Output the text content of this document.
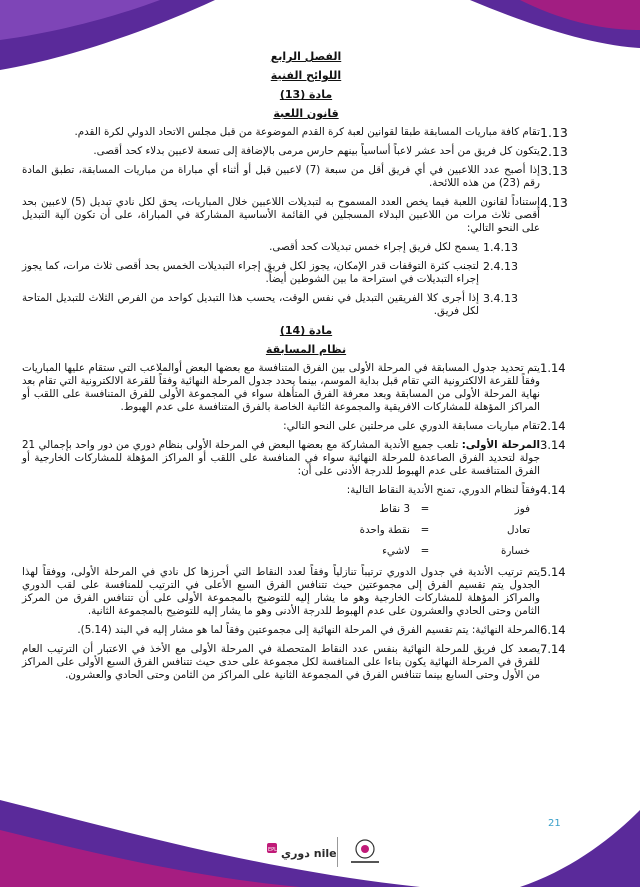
الفصل الرابع
اللوائح الفنية
مادة (13)
قانون اللعبة
1.13
تقام كافة مباريات المسابقة طبقا لقوانين لعبة كرة القدم الموضوعة من قبل مجلس الاتحاد الدولي لكرة القدم.
2.13
يتكون كل فريق من أحد عشر لاعباً أساسياً بينهم حارس مرمى بالإضافة إلى تسعة لاعبين بدلاء كحد أقصى.
3.13
إذا أصبح عدد اللاعبين في أي فريق أقل من سبعة (7) لاعبين قبل أو أثناء أي مباراة من مباريات المسابقة، تطبق المادة رقم (23) من هذه اللائحة.
4.13
إستناداً لقانون اللعبة فيما يخص العدد المسموح به لتبديلات اللاعبين خلال المباريات، يحق لكل نادي تبديل (5) لاعبين بحد أقصى ثلاث مرات من اللاعبين البدلاء المسجلين في القائمة الأساسية المشاركة في المباراة، على أن تكون آلية التبديل على النحو التالي:
1.4.13
يسمح لكل فريق إجراء خمس تبديلات كحد أقصى.
2.4.13
لتجنب كثرة التوقفات قدر الإمكان، يجوز لكل فريق إجراء التبديلات الخمس بحد أقصى ثلاث مرات، كما يجوز إجراء التبديلات في استراحة ما بين الشوطين أيضاً.
3.4.13
إذا أجرى كلا الفريقين التبديل في نفس الوقت، يحسب هذا التبديل كواحد من الفرص الثلاث للتبديل المتاحة لكل فريق.
مادة (14)
نظام المسابقة
1.14
يتم تحديد جدول المسابقة في المرحلة الأولى بين الفرق المتنافسة مع بعضها البعض أوالملاعب التي ستقام عليها المباريات وفقاً للقرعة الالكترونية التي تقام قبل بداية الموسم، بينما يحدد جدول المرحلة النهائية وفقاً للقرعة الالكترونية التي تقام بعد نهاية المرحلة الأولى من المسابقة وبعد معرفة الفرق المتأهلة سواء في المجموعة الأولى للفرق المتنافسة على اللقب أو المراكز المؤهلة للمشاركات الافريقية والمجموعة الثانية الخاصة بالفرق المتنافسة على عدم الهبوط.
2.14
تقام مباريات مسابقة الدوري على مرحلتين على النحو التالي:
3.14
المرحلة الأولى: تلعب جميع الأندية المشاركة مع بعضها البعض في المرحلة الأولى بنظام دوري من دور واحد بإجمالي 21 جولة لتحديد الفرق الصاعدة للمرحلة النهائية سواء في المنافسة على اللقب أو المراكز المؤهلة للمشاركات الخارجية أو الفرق المتنافسة على عدم الهبوط للدرجة الأدنى على أن:
4.14
وفقاً لنظام الدوري، تمنح الأندية النقاط التالية:
فوز
=
3 نقاط
تعادل
=
نقطة واحدة
خسارة
=
لاشيء
5.14
يتم ترتيب الأندية في جدول الدوري ترتيباً تنازلياً وفقاً لعدد النقاط التي أحرزها كل نادي في المرحلة الأولى، ووفقاً لهذا الجدول يتم تقسيم الفرق إلى مجموعتين حيث تتنافس الفرق السبع الأعلى في الترتيب للمنافسة على لقب الدوري والمراكز المؤهلة للمشاركات الخارجية وهو ما يشار إليه للتوضيح بالمجموعة الأولى على أن تتنافس الفرق من المركز الثامن وحتى الحادي والعشرون على عدم الهبوط للدرجة الأدنى وهو ما يشار إليه للتوضيح بالمجموعة الثانية.
6.14
المرحلة النهائية: يتم تقسيم الفرق في المرحلة النهائية إلى مجموعتين وفقاً لما هو مشار إليه في البند (5.14).
7.14
يصعد كل فريق للمرحلة النهائية بنفس عدد النقاط المتحصلة في المرحلة الأولى مع الأخذ في الاعتبار أن الترتيب العام للفرق في المرحلة النهائية يكون بناءا على المنافسة لكل مجموعة على حدى حيث تتنافس الفرق السبع الأولى على المراكز من الأول وحتى السابع بينما تتنافس الفرق في المجموعة الثانية على المراكز من الثامن وحتى الحادي والعشرون.
21
EPL دوري nile
